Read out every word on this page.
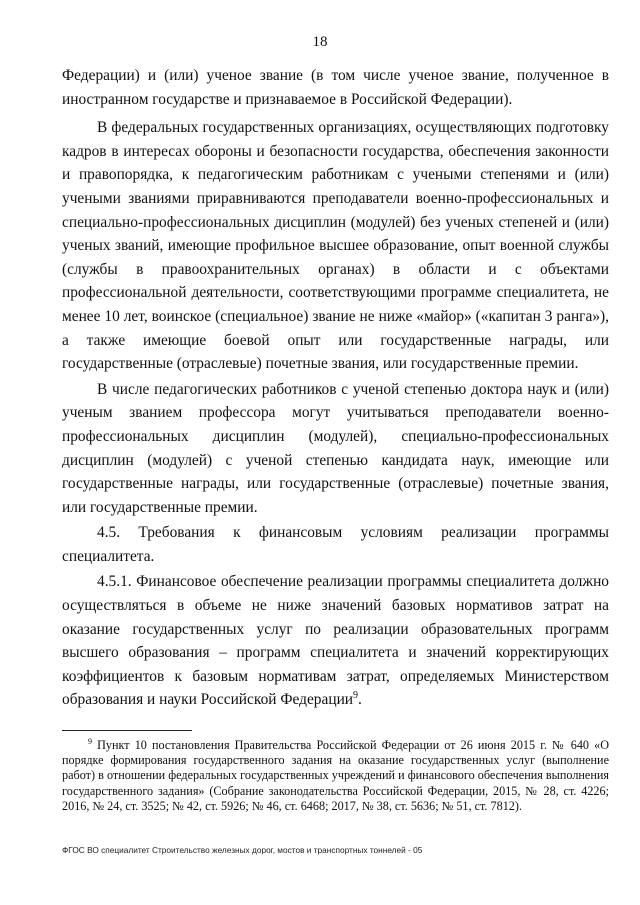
18

Федерации) и (или) ученое звание (в том числе ученое звание, полученное в иностранном государстве и признаваемое в Российской Федерации).

В федеральных государственных организациях, осуществляющих подготовку кадров в интересах обороны и безопасности государства, обеспечения законности и правопорядка, к педагогическим работникам с учеными степенями и (или) учеными званиями приравниваются преподаватели военно-профессиональных и специально-профессиональных дисциплин (модулей) без ученых степеней и (или) ученых званий, имеющие профильное высшее образование, опыт военной службы (службы в правоохранительных органах) в области и с объектами профессиональной деятельности, соответствующими программе специалитета, не менее 10 лет, воинское (специальное) звание не ниже «майор» («капитан 3 ранга»), а также имеющие боевой опыт или государственные награды, или государственные (отраслевые) почетные звания, или государственные премии.

В числе педагогических работников с ученой степенью доктора наук и (или) ученым званием профессора могут учитываться преподаватели военно-профессиональных дисциплин (модулей), специально-профессиональных дисциплин (модулей) с ученой степенью кандидата наук, имеющие или государственные награды, или государственные (отраслевые) почетные звания, или государственные премии.

4.5. Требования к финансовым условиям реализации программы специалитета.

4.5.1. Финансовое обеспечение реализации программы специалитета должно осуществляться в объеме не ниже значений базовых нормативов затрат на оказание государственных услуг по реализации образовательных программ высшего образования – программ специалитета и значений корректирующих коэффициентов к базовым нормативам затрат, определяемых Министерством образования и науки Российской Федерации$^9$.

$^9$ Пункт 10 постановления Правительства Российской Федерации от 26 июня 2015 г. № 640 «О порядке формирования государственного задания на оказание государственных услуг (выполнение работ) в отношении федеральных государственных учреждений и финансового обеспечения выполнения государственного задания» (Собрание законодательства Российской Федерации, 2015, № 28, ст. 4226; 2016, № 24, ст. 3525; № 42, ст. 5926; № 46, ст. 6468; 2017, № 38, ст. 5636; № 51, ст. 7812).
ФГОС ВО специалитет Строительство железных дорог, мостов и транспортных тоннелей - 05
